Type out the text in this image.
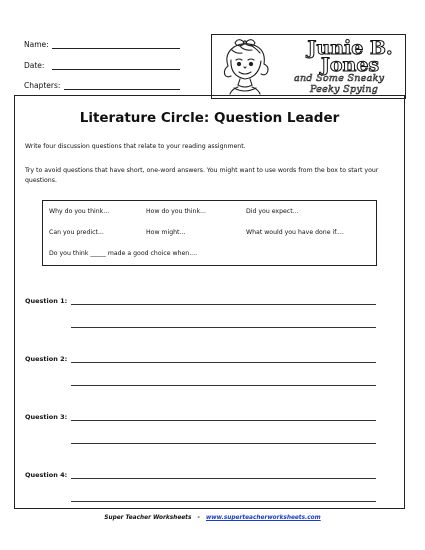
Name:
Date:
Chapters:
Junie B.
Jones
and Some Sneaky
Peeky Spying
Literature Circle: Question Leader
Write four discussion questions that relate to your reading assignment.
Try to avoid questions that have short, one-word answers. You might want to use words from the box to start your questions.
Why do you think...	How do you think...	Did you expect...
Can you predict...	How might...	What would you have done if....
Do you think _____ made a good choice when....
Question 1:
Question 2:
Question 3:
Question 4:
Super Teacher Worksheets - www.superteacherworksheets.com
